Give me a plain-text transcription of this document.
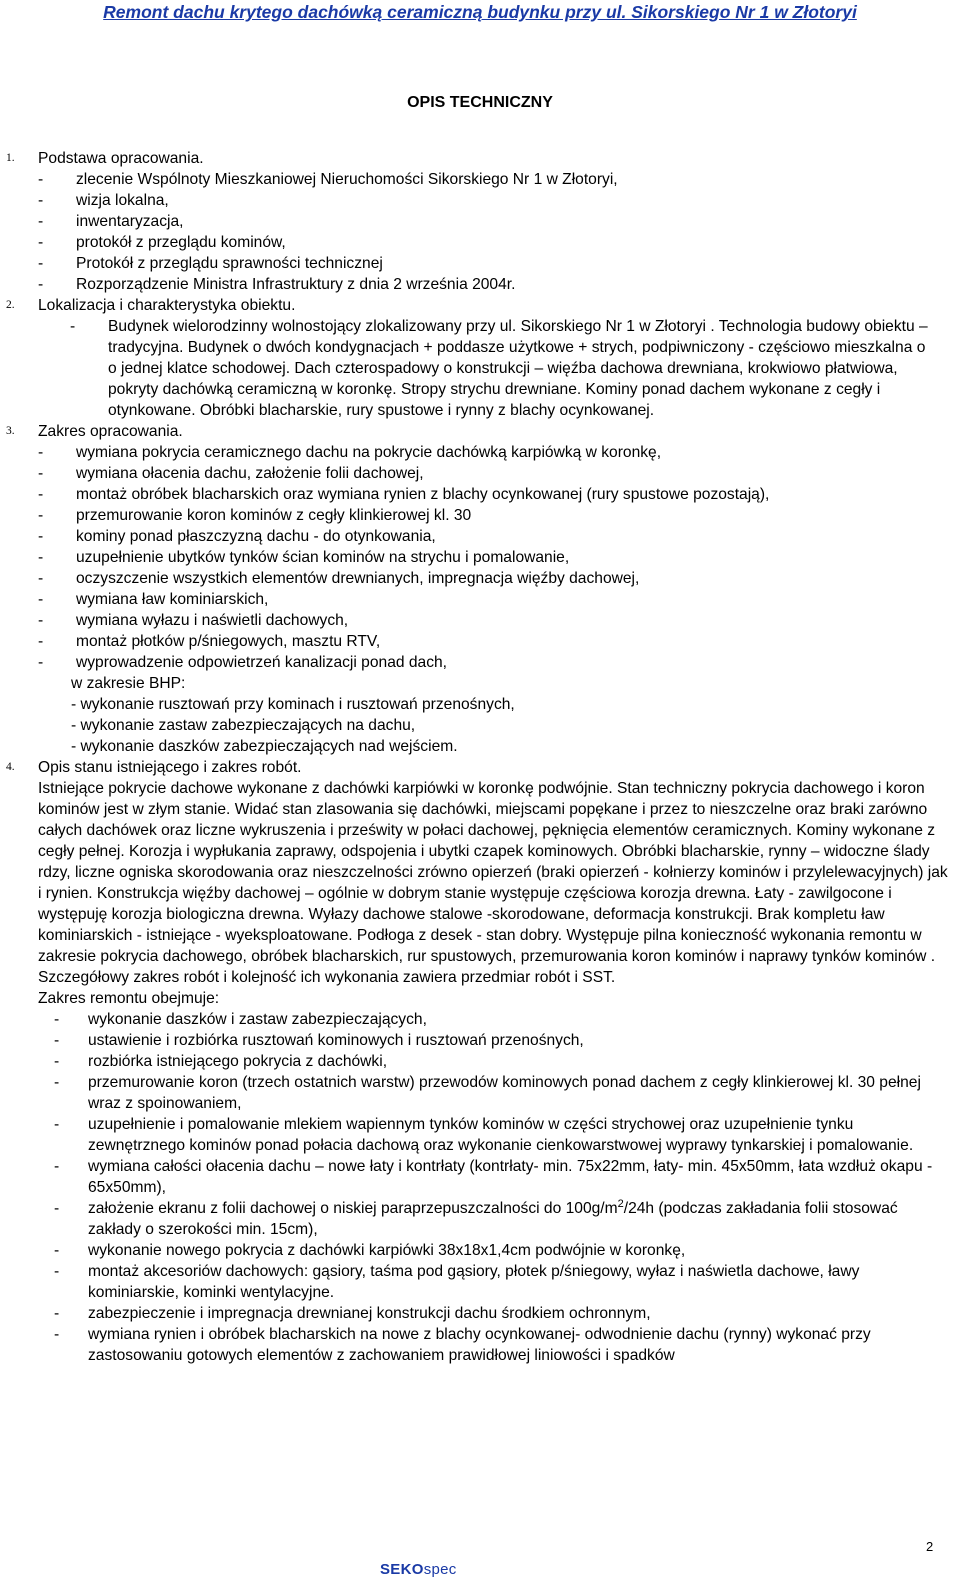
Remont dachu krytego dachówką ceramiczną budynku przy ul. Sikorskiego Nr 1 w Złotoryi
OPIS TECHNICZNY
1. Podstawa opracowania.
- zlecenie Wspólnoty Mieszkaniowej Nieruchomości Sikorskiego Nr 1 w Złotoryi,
- wizja lokalna,
- inwentaryzacja,
- protokół z przeglądu kominów,
- Protokół z przeglądu sprawności technicznej
- Rozporządzenie Ministra Infrastruktury z dnia 2 września 2004r.
2. Lokalizacja i charakterystyka obiektu.
- Budynek wielorodzinny wolnostojący zlokalizowany przy ul. Sikorskiego Nr 1 w Złotoryi . Technologia budowy obiektu – tradycyjna. Budynek o dwóch kondygnacjach + poddasze użytkowe + strych, podpiwniczony - częściowo mieszkalna o o jednej klatce schodowej. Dach czterospadowy o konstrukcji – więźba dachowa drewniana, krokwiowo płatwiowa, pokryty dachówką ceramiczną w koronkę. Stropy strychu drewniane. Kominy ponad dachem wykonane z cegły i otynkowane. Obróbki blacharskie, rury spustowe i rynny z blachy ocynkowanej.
3. Zakres opracowania.
- wymiana pokrycia ceramicznego dachu na pokrycie dachówką karpiówką w koronkę,
- wymiana ołacenia dachu, założenie folii dachowej,
- montaż obróbek blacharskich oraz wymiana rynien z blachy ocynkowanej (rury spustowe pozostają),
- przemurowanie koron kominów z cegły klinkierowej kl. 30
- kominy ponad płaszczyzną dachu - do otynkowania,
- uzupełnienie ubytków tynków ścian kominów na strychu i pomalowanie,
- oczyszczenie wszystkich elementów drewnianych, impregnacja więźby dachowej,
- wymiana ław kominiarskich,
- wymiana wyłazu i naświetli dachowych,
- montaż płotków p/śniegowych, masztu RTV,
- wyprowadzenie odpowietrzeń kanalizacji ponad dach,
w zakresie BHP:
- wykonanie rusztowań przy kominach i rusztowań przenośnych,
- wykonanie zastaw zabezpieczających na dachu,
- wykonanie daszków zabezpieczających nad wejściem.
4. Opis stanu istniejącego i zakres robót.
Istniejące pokrycie dachowe wykonane z dachówki karpiówki w koronkę podwójnie. Stan techniczny pokrycia dachowego i koron kominów jest w złym stanie. Widać stan zlasowania się dachówki, miejscami popękane i przez to nieszczelne oraz braki zarówno całych dachówek oraz liczne wykruszenia i prześwity w połaci dachowej, pęknięcia elementów ceramicznych. Kominy wykonane z cegły pełnej. Korozja i wypłukania zaprawy, odspojenia i ubytki czapek kominowych. Obróbki blacharskie, rynny – widoczne ślady rdzy, liczne ogniska skorodowania oraz nieszczelności zrówno opierzeń (braki opierzeń - kołnierzy kominów i przylelewacyjnych) jak i rynien. Konstrukcja więźby dachowej – ogólnie w dobrym stanie występuje częściowa korozja drewna. Łaty - zawilgocone i występuję korozja biologiczna drewna. Wyłazy dachowe stalowe -skorodowane, deformacja konstrukcji. Brak kompletu ław kominiarskich - istniejące - wyeksploatowane. Podłoga z desek - stan dobry. Występuje pilna konieczność wykonania remontu w zakresie pokrycia dachowego, obróbek blacharskich, rur spustowych, przemurowania koron kominów i naprawy tynków kominów . Szczegółowy zakres robót i kolejność ich wykonania zawiera przedmiar robót i SST.
Zakres remontu obejmuje:
- wykonanie daszków i zastaw zabezpieczających,
- ustawienie i rozbiórka rusztowań kominowych i rusztowań przenośnych,
- rozbiórka istniejącego pokrycia z dachówki,
- przemurowanie koron (trzech ostatnich warstw) przewodów kominowych ponad dachem z cegły klinkierowej kl. 30 pełnej wraz z spoinowaniem,
- uzupełnienie i pomalowanie mlekiem wapiennym tynków kominów w części strychowej oraz uzupełnienie tynku zewnętrznego kominów ponad połacia dachową oraz wykonanie cienkowarstwowej wyprawy tynkarskiej i pomalowanie.
- wymiana całości ołacenia dachu – nowe łaty i kontrłaty (kontrłaty- min. 75x22mm, łaty- min. 45x50mm, łata wzdłuż okapu - 65x50mm),
- założenie ekranu z folii dachowej o niskiej paraprzepuszczalności do $100g/m^2/24h$ (podczas zakładania folii stosować zakłady o szerokości min. 15cm),
- wykonanie nowego pokrycia z dachówki karpiówki 38x18x1,4cm podwójnie w koronkę,
- montaż akcesoriów dachowych: gąsiory, taśma pod gąsiory, płotek p/śniegowy, wyłaz i naświetla dachowe, ławy kominiarskie, kominki wentylacyjne.
- zabezpieczenie i impregnacja drewnianej konstrukcji dachu środkiem ochronnym,
- wymiana rynien i obróbek blacharskich na nowe z blachy ocynkowanej- odwodnienie dachu (rynny) wykonać przy zastosowaniu gotowych elementów z zachowaniem prawidłowej liniowości i spadków
2
SEKOspec
